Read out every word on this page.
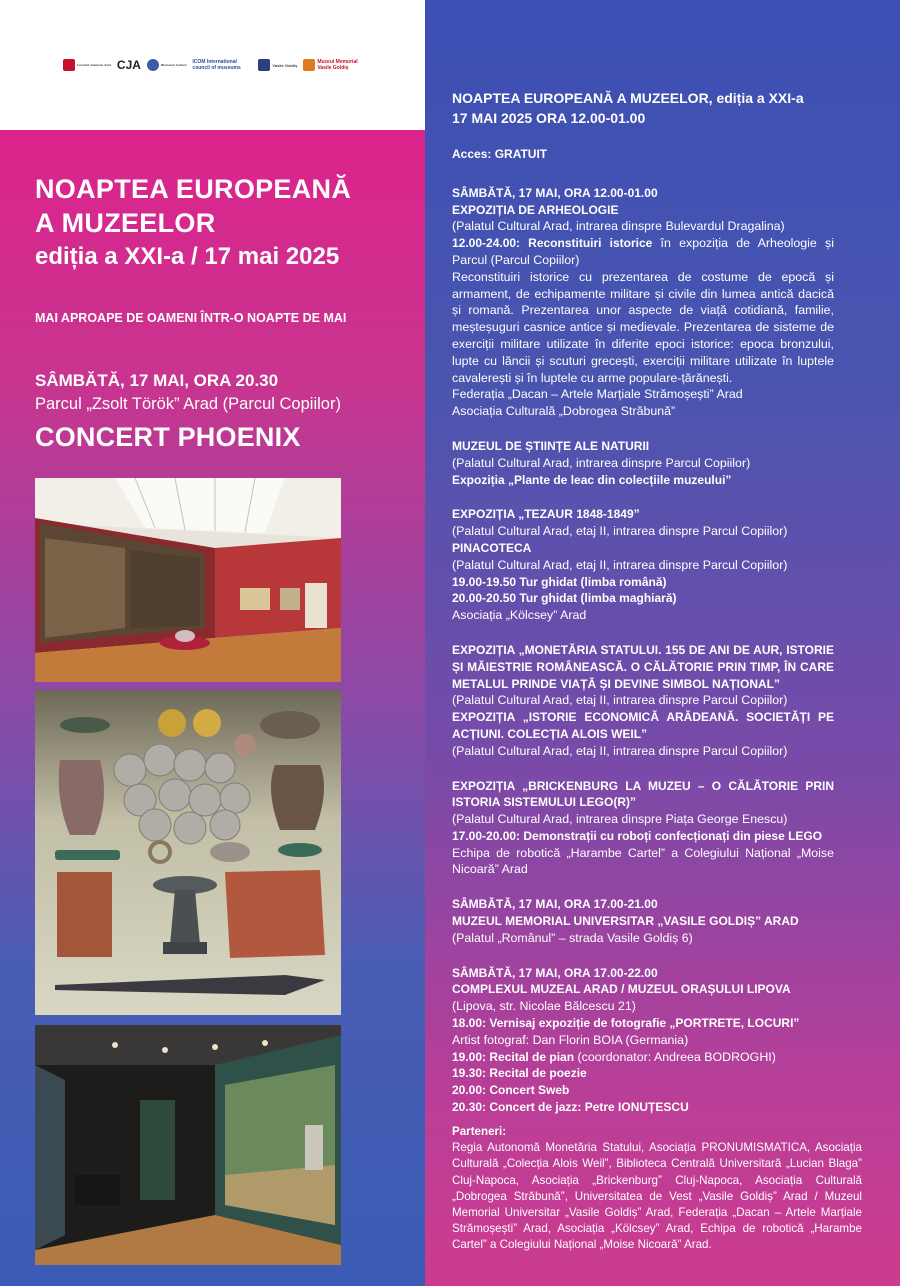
Consiliul Județean Arad CJA	Ministerul Culturii ICOM International council of museums	Vasile Goldiș	Muzeul Memorial Vasile Goldiș
NOAPTEA EUROPEANĂ
A MUZEELOR
ediția a XXI-a / 17 mai 2025
MAI APROAPE DE OAMENI ÎNTR-O NOAPTE DE MAI
SÂMBĂTĂ, 17 MAI, ORA 20.30
Parcul „Zsolt Török” Arad (Parcul Copiilor)
CONCERT PHOENIX
NOAPTEA EUROPEANĂ A MUZEELOR, ediția a XXI-a
17 MAI 2025 ORA 12.00-01.00

Acces: GRATUIT

SÂMBĂTĂ, 17 MAI, ORA 12.00-01.00

EXPOZIȚIA DE ARHEOLOGIE

(Palatul Cultural Arad, intrarea dinspre Bulevardul Dragalina)

12.00-24.00: Reconstituiri istorice în expoziția de Arheologie și Parcul (Parcul Copiilor)

Reconstituiri istorice cu prezentarea de costume de epocă și armament, de echipamente militare și civile din lumea antică dacică și romană. Prezentarea unor aspecte de viață cotidiană, familie, meșteșuguri casnice antice și medievale. Prezentarea de sisteme de exerciții militare utilizate în diferite epoci istorice: epoca bronzului, lupte cu lăncii și scuturi grecești, exerciții militare utilizate în luptele cavalerești și în luptele cu arme populare-țărănești.

Federația „Dacan – Artele Marțiale Strămoșești” Arad

Asociația Culturală „Dobrogea Străbună”

MUZEUL DE ȘTIINȚE ALE NATURII

(Palatul Cultural Arad, intrarea dinspre Parcul Copiilor)

Expoziția „Plante de leac din colecțiile muzeului”

EXPOZIȚIA „TEZAUR 1848-1849”

(Palatul Cultural Arad, etaj II, intrarea dinspre Parcul Copiilor)

PINACOTECA

(Palatul Cultural Arad, etaj II, intrarea dinspre Parcul Copiilor)

19.00-19.50 Tur ghidat (limba română)

20.00-20.50 Tur ghidat (limba maghiară)

Asociația „Kölcsey” Arad

EXPOZIȚIA „MONETĂRIA STATULUI. 155 DE ANI DE AUR, ISTORIE ȘI MĂIESTRIE ROMÂNEASCĂ. O CĂLĂTORIE PRIN TIMP, ÎN CARE METALUL PRINDE VIAȚĂ ȘI DEVINE SIMBOL NAȚIONAL”

(Palatul Cultural Arad, etaj II, intrarea dinspre Parcul Copiilor)

EXPOZIȚIA „ISTORIE ECONOMICĂ ARĂDEANĂ. SOCIETĂȚI PE ACȚIUNI. COLECȚIA ALOIS WEIL”

(Palatul Cultural Arad, etaj II, intrarea dinspre Parcul Copiilor)

EXPOZIȚIA „BRICKENBURG LA MUZEU – O CĂLĂTORIE PRIN ISTORIA SISTEMULUI LEGO(R)”

(Palatul Cultural Arad, intrarea dinspre Piața George Enescu)

17.00-20.00: Demonstrații cu roboți confecționați din piese LEGO

Echipa de robotică „Harambe Cartel” a Colegiului Național „Moise Nicoară” Arad

SÂMBĂTĂ, 17 MAI, ORA 17.00-21.00

MUZEUL MEMORIAL UNIVERSITAR „VASILE GOLDIȘ” ARAD

(Palatul „Românul” – strada Vasile Goldiș 6)

SÂMBĂTĂ, 17 MAI, ORA 17.00-22.00

COMPLEXUL MUZEAL ARAD / MUZEUL ORAȘULUI LIPOVA

(Lipova, str. Nicolae Bălcescu 21)

18.00: Vernisaj expoziție de fotografie „PORTRETE, LOCURI”

Artist fotograf: Dan Florin BOIA (Germania)

19.00: Recital de pian (coordonator: Andreea BODROGHI)

19.30: Recital de poezie

20.00: Concert Sweb

20.30: Concert de jazz: Petre IONUȚESCU

Parteneri:

Regia Autonomă Monetăria Statului, Asociația PRONUMISMATICA, Asociația Culturală „Colecția Alois Weil”, Biblioteca Centrală Universitară „Lucian Blaga” Cluj-Napoca, Asociația „Brickenburg” Cluj-Napoca, Asociația Culturală „Dobrogea Străbună”, Universitatea de Vest „Vasile Goldiș” Arad / Muzeul Memorial Universitar „Vasile Goldiș” Arad, Federația „Dacan – Artele Marțiale Strămoșești” Arad, Asociația „Kölcsey” Arad, Echipa de robotică „Harambe Cartel” a Colegiului Național „Moise Nicoară” Arad.
